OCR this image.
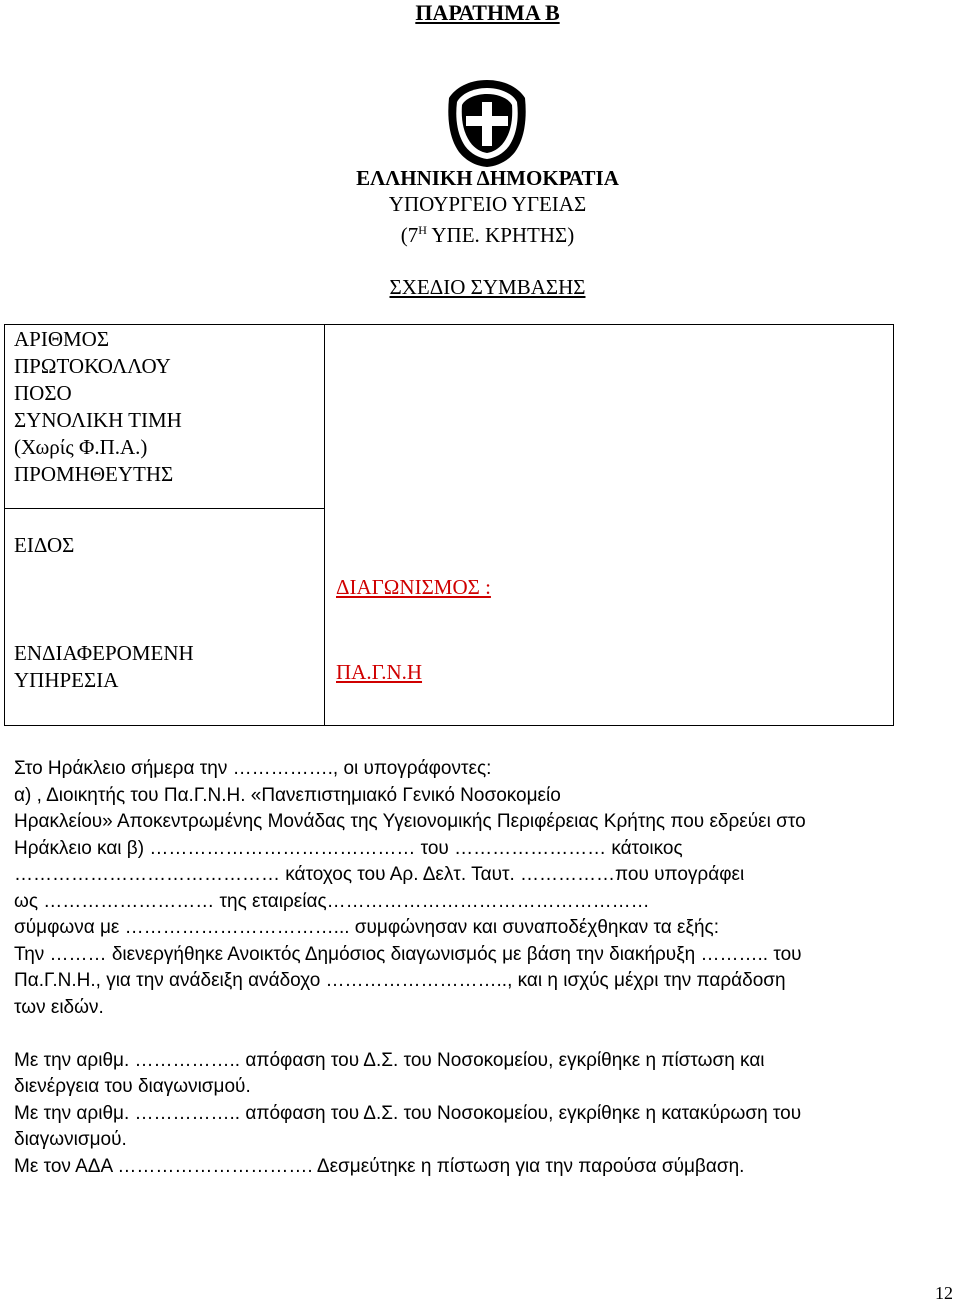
ΠΑΡΑΤΗΜΑ Β
ΕΛΛΗΝΙΚΗ ΔΗΜΟΚΡΑΤΙΑ
ΥΠΟΥΡΓΕΙΟ ΥΓΕΙΑΣ
($7^H$ ΥΠΕ. ΚΡΗΤΗΣ)
ΣΧΕΔΙΟ ΣΥΜΒΑΣΗΣ
ΑΡΙΘΜΟΣ
ΠΡΩΤΟΚΟΛΛΟΥ
ΠΟΣΟ
ΣΥΝΟΛΙΚΗ ΤΙΜΗ
(Χωρίς Φ.Π.Α.)
ΠΡΟΜΗΘΕΥΤΗΣ
ΕΙΔΟΣ
ΕΝΔΙΑΦΕΡΟΜΕΝΗ
ΥΠΗΡΕΣΙΑ
ΔΙΑΓΩΝΙΣΜΟΣ :
ΠΑ.Γ.Ν.Η
Στο Ηράκλειο σήμερα την ……………., οι υπογράφοντες:
α) , Διοικητής του Πα.Γ.Ν.Η. «Πανεπιστημιακό Γενικό Νοσοκομείο
Ηρακλείου» Αποκεντρωμένης Μονάδας της Υγειονομικής Περιφέρειας Κρήτης που εδρεύει στο
Ηράκλειο και β) …………………………………… του …………………… κάτοικος
…………………………………… κάτοχος του Αρ. Δελτ. Ταυτ. ……………που υπογράφει
ως ……………………… της εταιρείας……………………………………………
σύμφωνα με ……………………………... συμφώνησαν και συναποδέχθηκαν τα εξής:
Την ……… διενεργήθηκε Ανοικτός Δημόσιος διαγωνισμός με βάση την διακήρυξη ……….. του
Πα.Γ.Ν.Η., για την ανάδειξη ανάδοχο ……………………….., και η ισχύς μέχρι την παράδοση
των ειδών.
Με την αριθμ. …………….. απόφαση του Δ.Σ. του Νοσοκομείου, εγκρίθηκε η πίστωση και
διενέργεια του διαγωνισμού.
Με την αριθμ. …………….. απόφαση του Δ.Σ. του Νοσοκομείου, εγκρίθηκε η κατακύρωση του
διαγωνισμού.
Με τον ΑΔΑ …………………………. Δεσμεύτηκε η πίστωση για την παρούσα σύμβαση.
12
